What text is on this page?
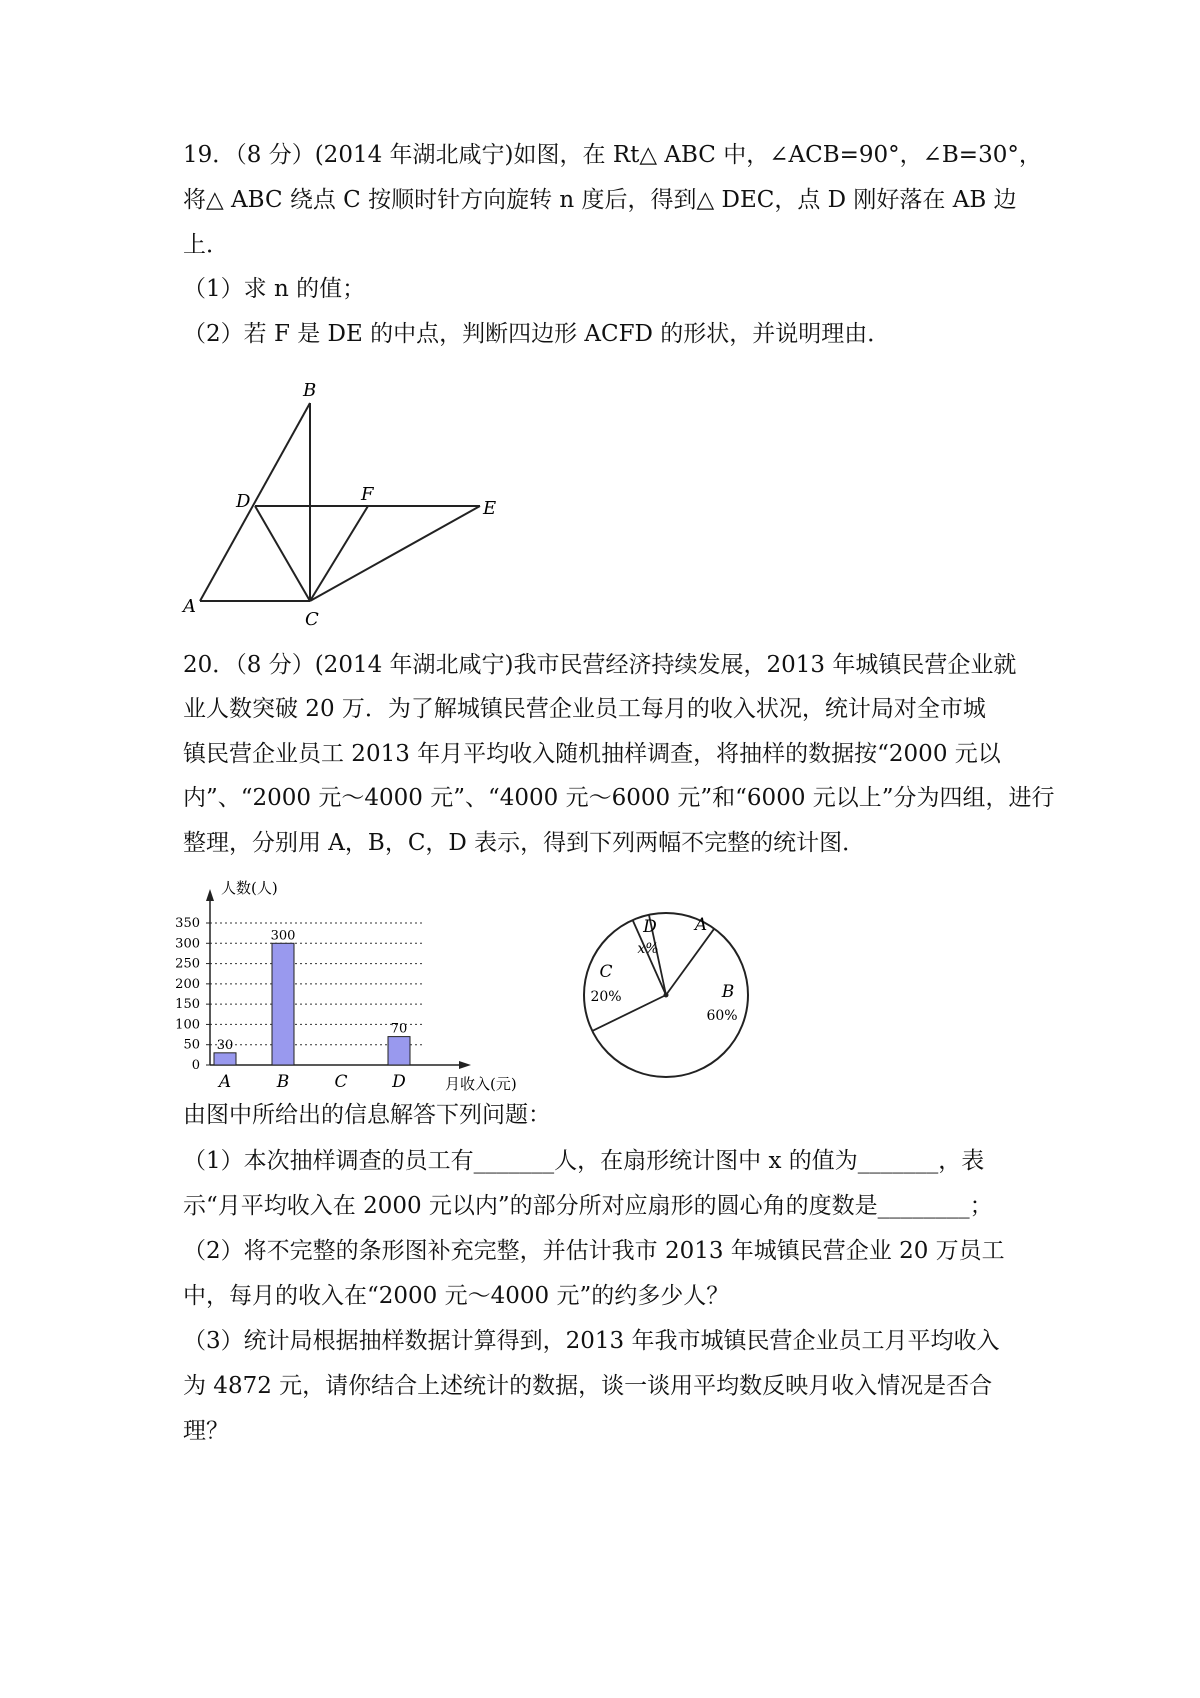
19．（8 分）(2014 年湖北咸宁)如图，在 Rt△ ABC 中，∠ACB=90°，∠B=30°，
将△ ABC 绕点 C 按顺时针方向旋转 n 度后，得到△ DEC，点 D 刚好落在 AB 边
上．
（1）求 n 的值；
（2）若 F 是 DE 的中点，判断四边形 ACFD 的形状，并说明理由．
B
D	F
E
A
C
20．（8 分）(2014 年湖北咸宁)我市民营经济持续发展，2013 年城镇民营企业就
业人数突破 20 万．为了解城镇民营企业员工每月的收入状况，统计局对全市城
镇民营企业员工 2013 年月平均收入随机抽样调查，将抽样的数据按“2000 元以
内”、“2000 元～4000 元”、“4000 元～6000 元”和“6000 元以上”分为四组，进行
整理，分别用 A，B，C，D 表示，得到下列两幅不完整的统计图．
0
50
100
150
200
250
300
350
人数(人)
月收入(元)
30
A
300
B	C
70
D
A
B
60%
C
20%
D
x%
由图中所给出的信息解答下列问题：
（1）本次抽样调查的员工有_______人，在扇形统计图中 x 的值为_______，表
示“月平均收入在 2000 元以内”的部分所对应扇形的圆心角的度数是________；
（2）将不完整的条形图补充完整，并估计我市 2013 年城镇民营企业 20 万员工
中，每月的收入在“2000 元～4000 元”的约多少人？
（3）统计局根据抽样数据计算得到，2013 年我市城镇民营企业员工月平均收入
为 4872 元，请你结合上述统计的数据，谈一谈用平均数反映月收入情况是否合
理？
